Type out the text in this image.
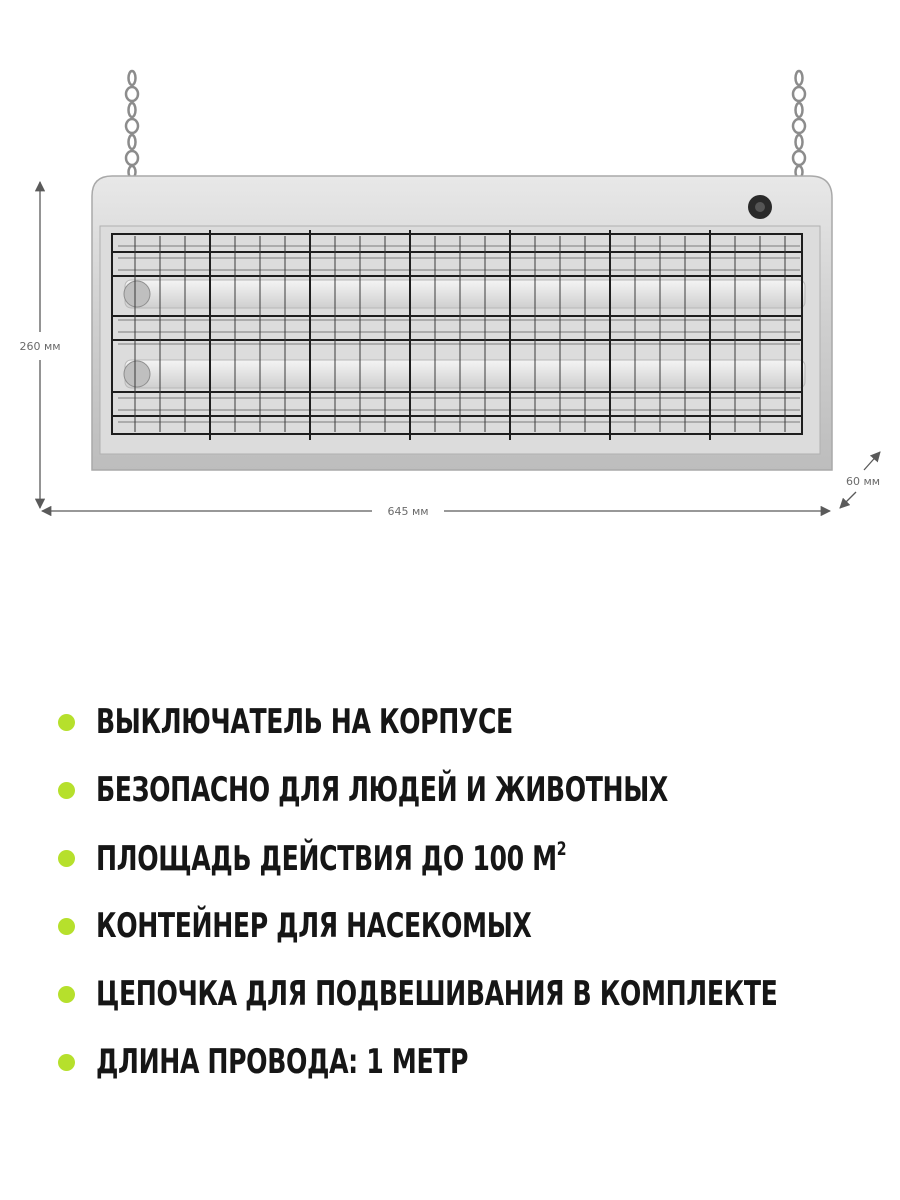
260 мм
645 мм
60 мм
ВЫКЛЮЧАТЕЛЬ НА КОРПУСЕ
БЕЗОПАСНО ДЛЯ ЛЮДЕЙ И ЖИВОТНЫХ
ПЛОЩАДЬ ДЕЙСТВИЯ ДО 100 $М^2$
КОНТЕЙНЕР ДЛЯ НАСЕКОМЫХ
ЦЕПОЧКА ДЛЯ ПОДВЕШИВАНИЯ В КОМПЛЕКТЕ
ДЛИНА ПРОВОДА: 1 МЕТР
